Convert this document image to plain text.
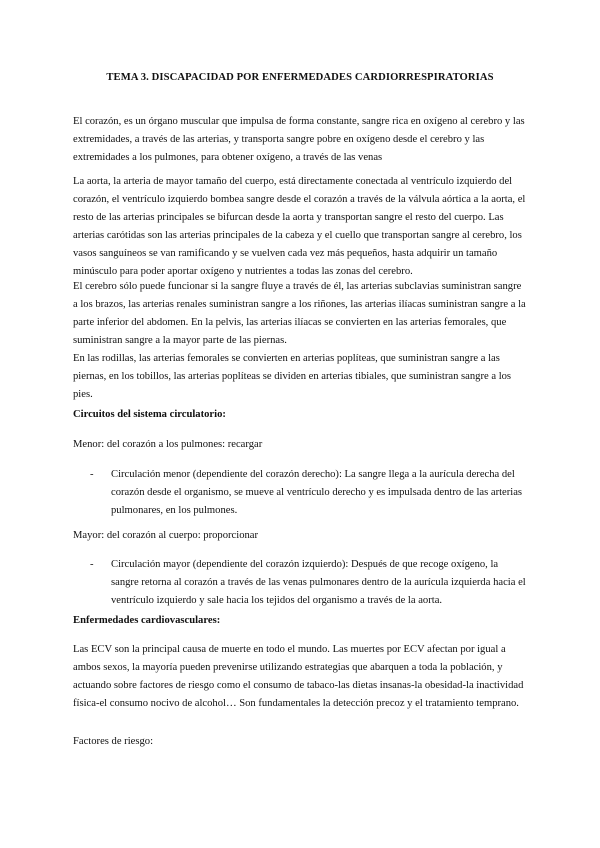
TEMA 3. DISCAPACIDAD POR ENFERMEDADES CARDIORRESPIRATORIAS

El corazón, es un órgano muscular que impulsa de forma constante, sangre rica en oxígeno al cerebro y las extremidades, a través de las arterias, y transporta sangre pobre en oxígeno desde el cerebro y las extremidades a los pulmones, para obtener oxígeno, a través de las venas

La aorta, la arteria de mayor tamaño del cuerpo, está directamente conectada al ventrículo izquierdo del corazón, el ventrículo izquierdo bombea sangre desde el corazón a través de la válvula aórtica a la aorta, el resto de las arterias principales se bifurcan desde la aorta y transportan sangre el resto del cuerpo. Las arterias carótidas son las arterias principales de la cabeza y el cuello que transportan sangre al cerebro, los vasos sanguíneos se van ramificando y se vuelven cada vez más pequeños, hasta adquirir un tamaño minúsculo para poder aportar oxígeno y nutrientes a todas las zonas del cerebro.

El cerebro sólo puede funcionar si la sangre fluye a través de él, las arterias subclavias suministran sangre a los brazos, las arterias renales suministran sangre a los riñones, las arterias ilíacas suministran sangre a la parte inferior del abdomen. En la pelvis, las arterias ilíacas se convierten en las arterias femorales, que suministran sangre a la mayor parte de las piernas.

En las rodillas, las arterias femorales se convierten en arterias poplíteas, que suministran sangre a las piernas, en los tobillos, las arterias poplíteas se dividen en arterias tibiales, que suministran sangre a los pies.

Circuitos del sistema circulatorio:
Menor: del corazón a los pulmones: recargar
- Circulación menor (dependiente del corazón derecho): La sangre llega a la aurícula derecha del corazón desde el organismo, se mueve al ventrículo derecho y es impulsada dentro de las arterias pulmonares, en los pulmones.
Mayor: del corazón al cuerpo: proporcionar
- Circulación mayor (dependiente del corazón izquierdo): Después de que recoge oxígeno, la sangre retorna al corazón a través de las venas pulmonares dentro de la aurícula izquierda hacia el ventrículo izquierdo y sale hacia los tejidos del organismo a través de la aorta.
Enfermedades cardiovasculares:

Las ECV son la principal causa de muerte en todo el mundo. Las muertes por ECV afectan por igual a ambos sexos, la mayoría pueden prevenirse utilizando estrategias que abarquen a toda la población, y actuando sobre factores de riesgo como el consumo de tabaco-las dietas insanas-la obesidad-la inactividad física-el consumo nocivo de alcohol… Son fundamentales la detección precoz y el tratamiento temprano.

Factores de riesgo:
